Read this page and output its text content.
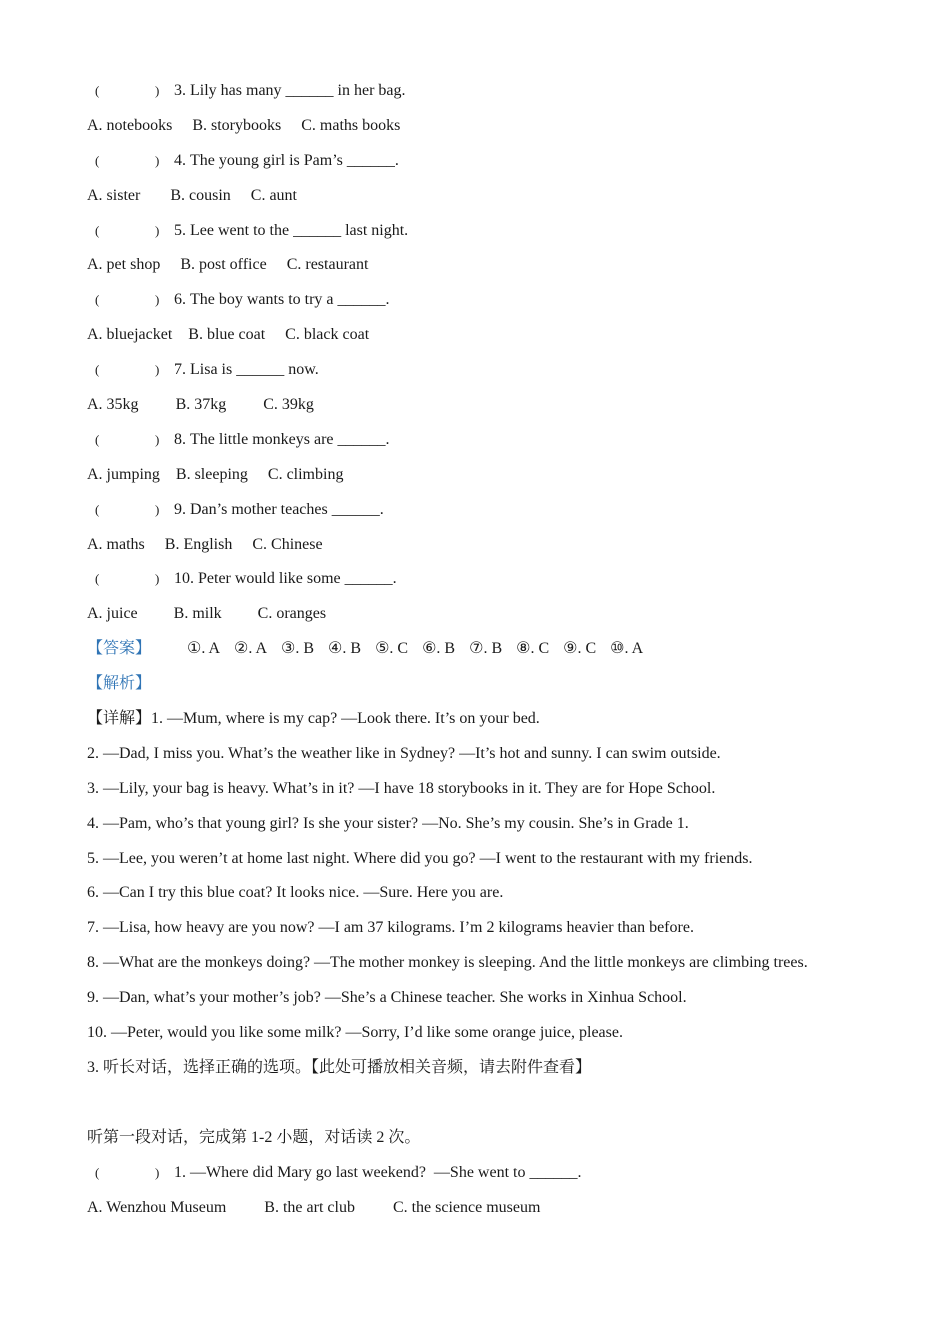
(	) 3.
Lily has many ______ in her bag.
A. notebooks B. storybooks C. maths books
(	) 4.
The young girl is Pam’s ______.
A. sister B. cousin C. aunt
(	) 5.
Lee went to the ______ last night.
A. pet shop B. post office C. restaurant
(	) 6.
The boy wants to try a ______.
A. bluejacket B. blue coat C. black coat
(	) 7.
Lisa is ______ now.
A. 35kg B. 37kg C. 39kg
(	) 8.
The little monkeys are ______.
A. jumping B. sleeping C. climbing
(	) 9.
Dan’s mother teaches ______.
A. maths B. English C. Chinese
(	) 10.
Peter would like some ______.
A. juice B. milk C. oranges
【答案】	①. A ②. A ③. B ④. B ⑤. C ⑥. B ⑦. B ⑧. C ⑨. C ⑩. A
【解析】
【详解】1. —Mum, where is my cap? —Look there. It’s on your bed.
2. —Dad, I miss you. What’s the weather like in Sydney? —It’s hot and sunny. I can swim outside.
3. —Lily, your bag is heavy. What’s in it? —I have 18 storybooks in it. They are for Hope School.
4. —Pam, who’s that young girl? Is she your sister? —No. She’s my cousin. She’s in Grade 1.
5. —Lee, you weren’t at home last night. Where did you go? —I went to the restaurant with my friends.
6. —Can I try this blue coat? It looks nice. —Sure. Here you are.
7. —Lisa, how heavy are you now? —I am 37 kilograms. I’m 2 kilograms heavier than before.
8. —What are the monkeys doing? —The mother monkey is sleeping. And the little monkeys are climbing trees.
9. —Dan, what’s your mother’s job? —She’s a Chinese teacher. She works in Xinhua School.
10. —Peter, would you like some milk? —Sorry, I’d like some orange juice, please.
3. 听长对话，选择正确的选项。【此处可播放相关音频，请去附件查看】
听第一段对话，完成第 1-2 小题，对话读 2 次。
(	) 1.
—Where did Mary go last weekend?  —She went to ______.
A. Wenzhou Museum B. the art club C. the science museum
